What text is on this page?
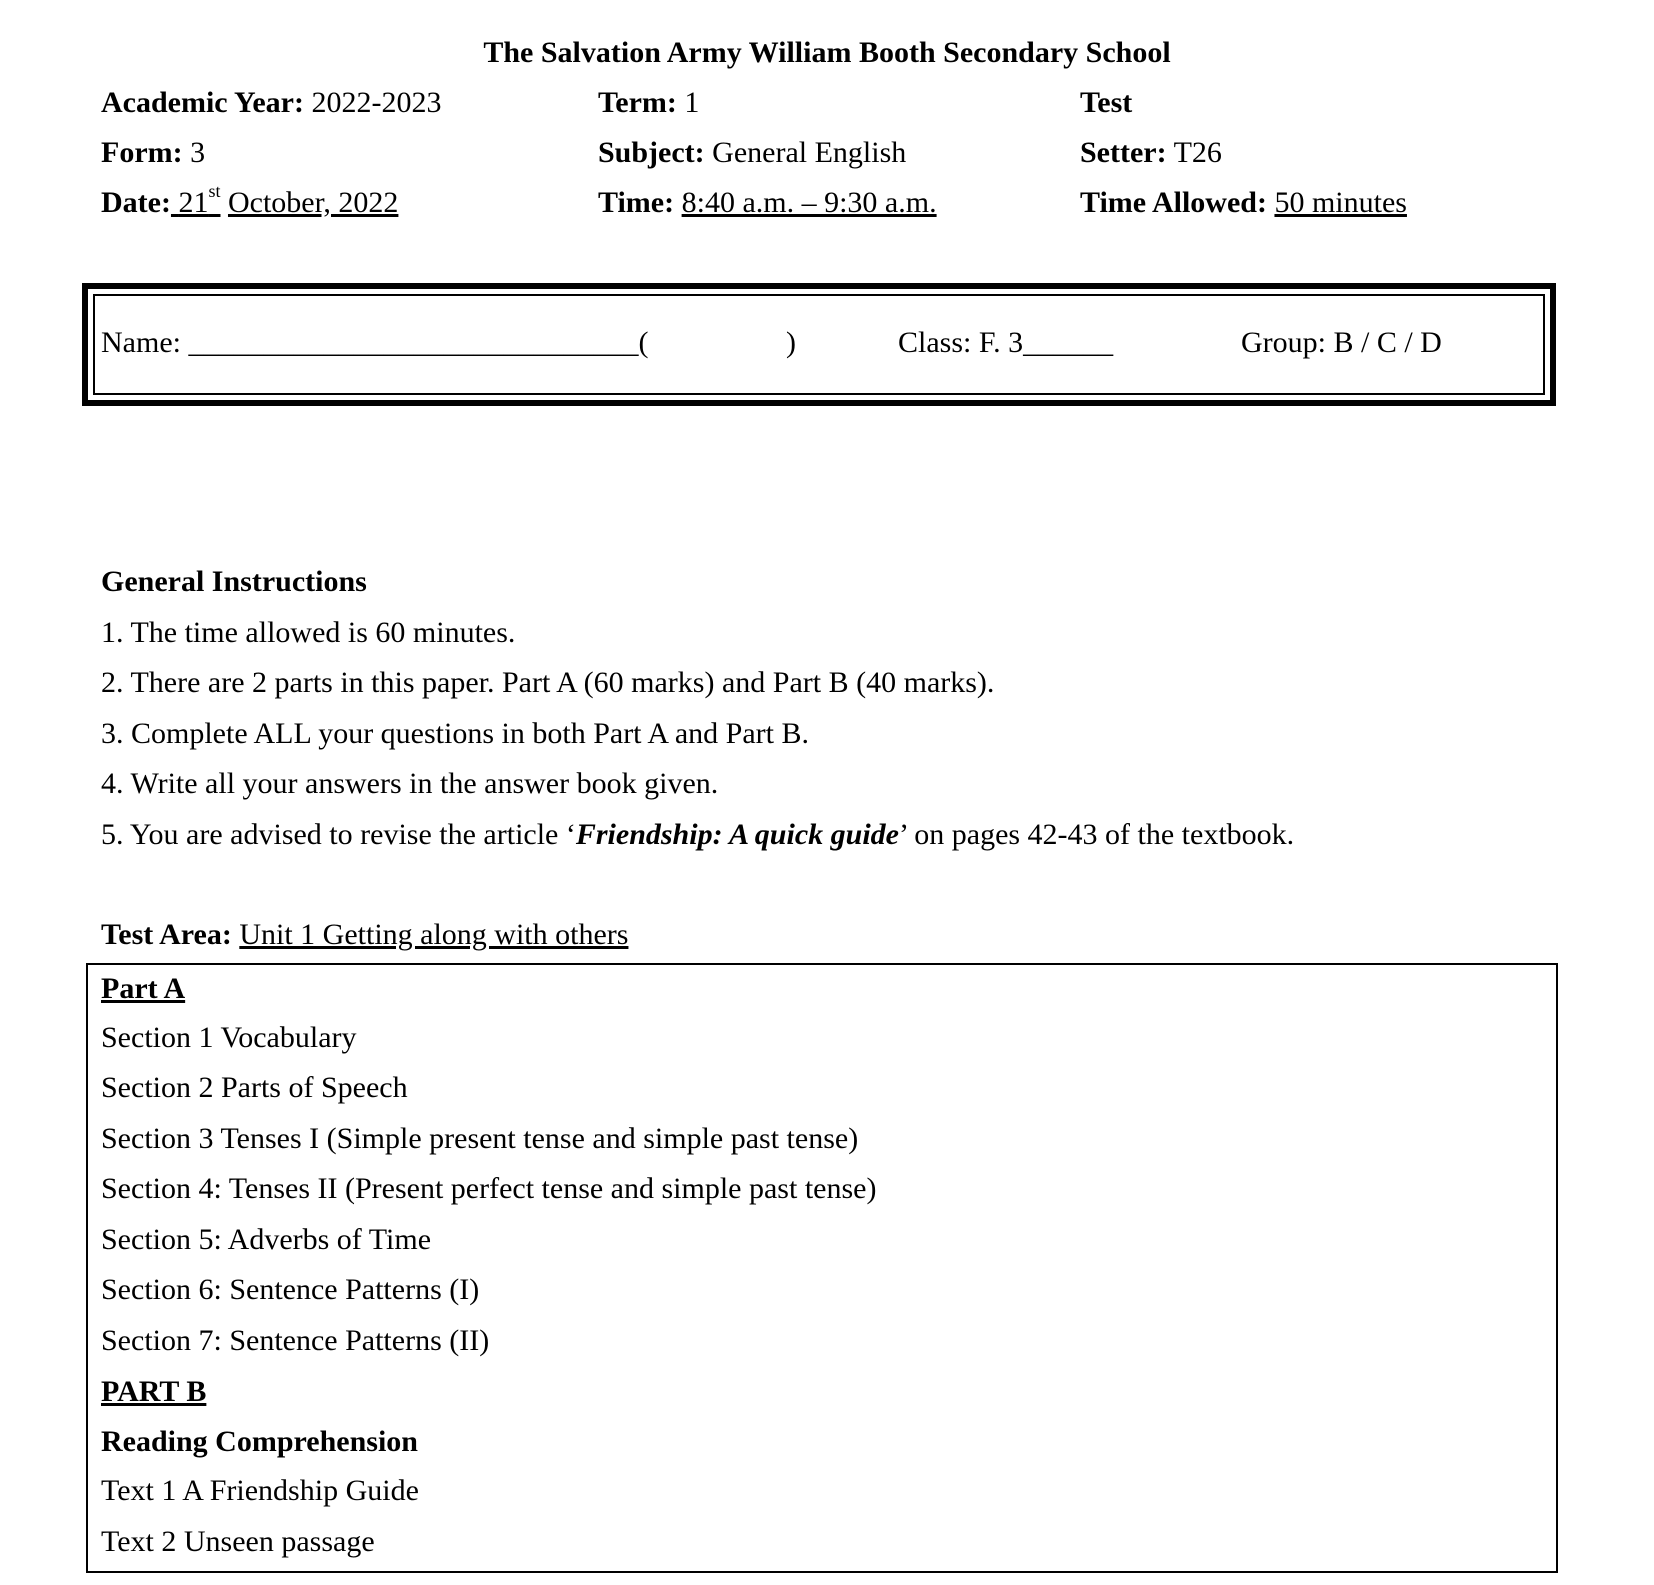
The Salvation Army William Booth Secondary School
Academic Year: 2022-2023	Term: 1	Test
Form: 3	Subject: General English	Setter: T26
Date: 21st October, 2022	Time: 8:40 a.m. – 9:30 a.m.	Time Allowed: 50 minutes
Name: ______________________________(	)	Class: F. 3______	Group: B / C / D
General Instructions
1. The time allowed is 60 minutes.
2. There are 2 parts in this paper. Part A (60 marks) and Part B (40 marks).
3. Complete ALL your questions in both Part A and Part B.
4. Write all your answers in the answer book given.
5. You are advised to revise the article ‘Friendship: A quick guide’ on pages 42-43 of the textbook.
Test Area: Unit 1 Getting along with others
Part A
Section 1 Vocabulary
Section 2 Parts of Speech
Section 3 Tenses I (Simple present tense and simple past tense)
Section 4: Tenses II (Present perfect tense and simple past tense)
Section 5: Adverbs of Time
Section 6: Sentence Patterns (I)
Section 7: Sentence Patterns (II)
PART B
Reading Comprehension
Text 1 A Friendship Guide
Text 2 Unseen passage
